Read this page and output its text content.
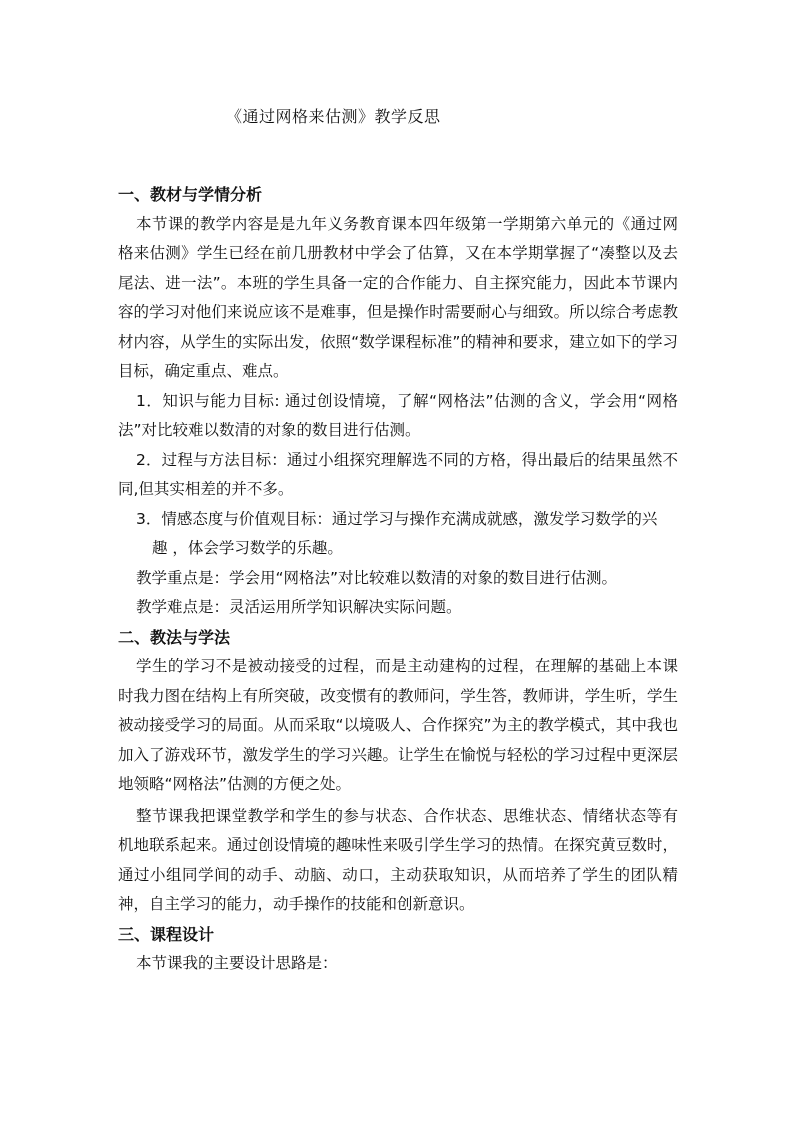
《通过网格来估测》教学反思

一、教材与学情分析

本节课的教学内容是是九年义务教育课本四年级第一学期第六单元的《通过网格来估测》学生已经在前几册教材中学会了估算，又在本学期掌握了“凑整以及去尾法、进一法”。本班的学生具备一定的合作能力、自主探究能力，因此本节课内容的学习对他们来说应该不是难事，但是操作时需要耐心与细致。所以综合考虑教材内容，从学生的实际出发，依照“数学课程标准”的精神和要求，建立如下的学习目标，确定重点、难点。

1．知识与能力目标: 通过创设情境，了解“网格法”估测的含义，学会用“网格法”对比较难以数清的对象的数目进行估测。

2．过程与方法目标：通过小组探究理解选不同的方格，得出最后的结果虽然不同,但其实相差的并不多。

3．情感态度与价值观目标：通过学习与操作充满成就感，激发学习数学的兴
趣 ，体会学习数学的乐趣。

教学重点是：学会用“网格法”对比较难以数清的对象的数目进行估测。

教学难点是：灵活运用所学知识解决实际问题。

二、教法与学法

学生的学习不是被动接受的过程，而是主动建构的过程，在理解的基础上本课时我力图在结构上有所突破，改变惯有的教师问，学生答，教师讲，学生听，学生被动接受学习的局面。从而采取“以境吸人、合作探究”为主的教学模式，其中我也加入了游戏环节，激发学生的学习兴趣。让学生在愉悦与轻松的学习过程中更深层地领略“网格法”估测的方便之处。

整节课我把课堂教学和学生的参与状态、合作状态、思维状态、情绪状态等有机地联系起来。通过创设情境的趣味性来吸引学生学习的热情。在探究黄豆数时，通过小组同学间的动手、动脑、动口，主动获取知识，从而培养了学生的团队精神，自主学习的能力，动手操作的技能和创新意识。

三、课程设计

本节课我的主要设计思路是：
